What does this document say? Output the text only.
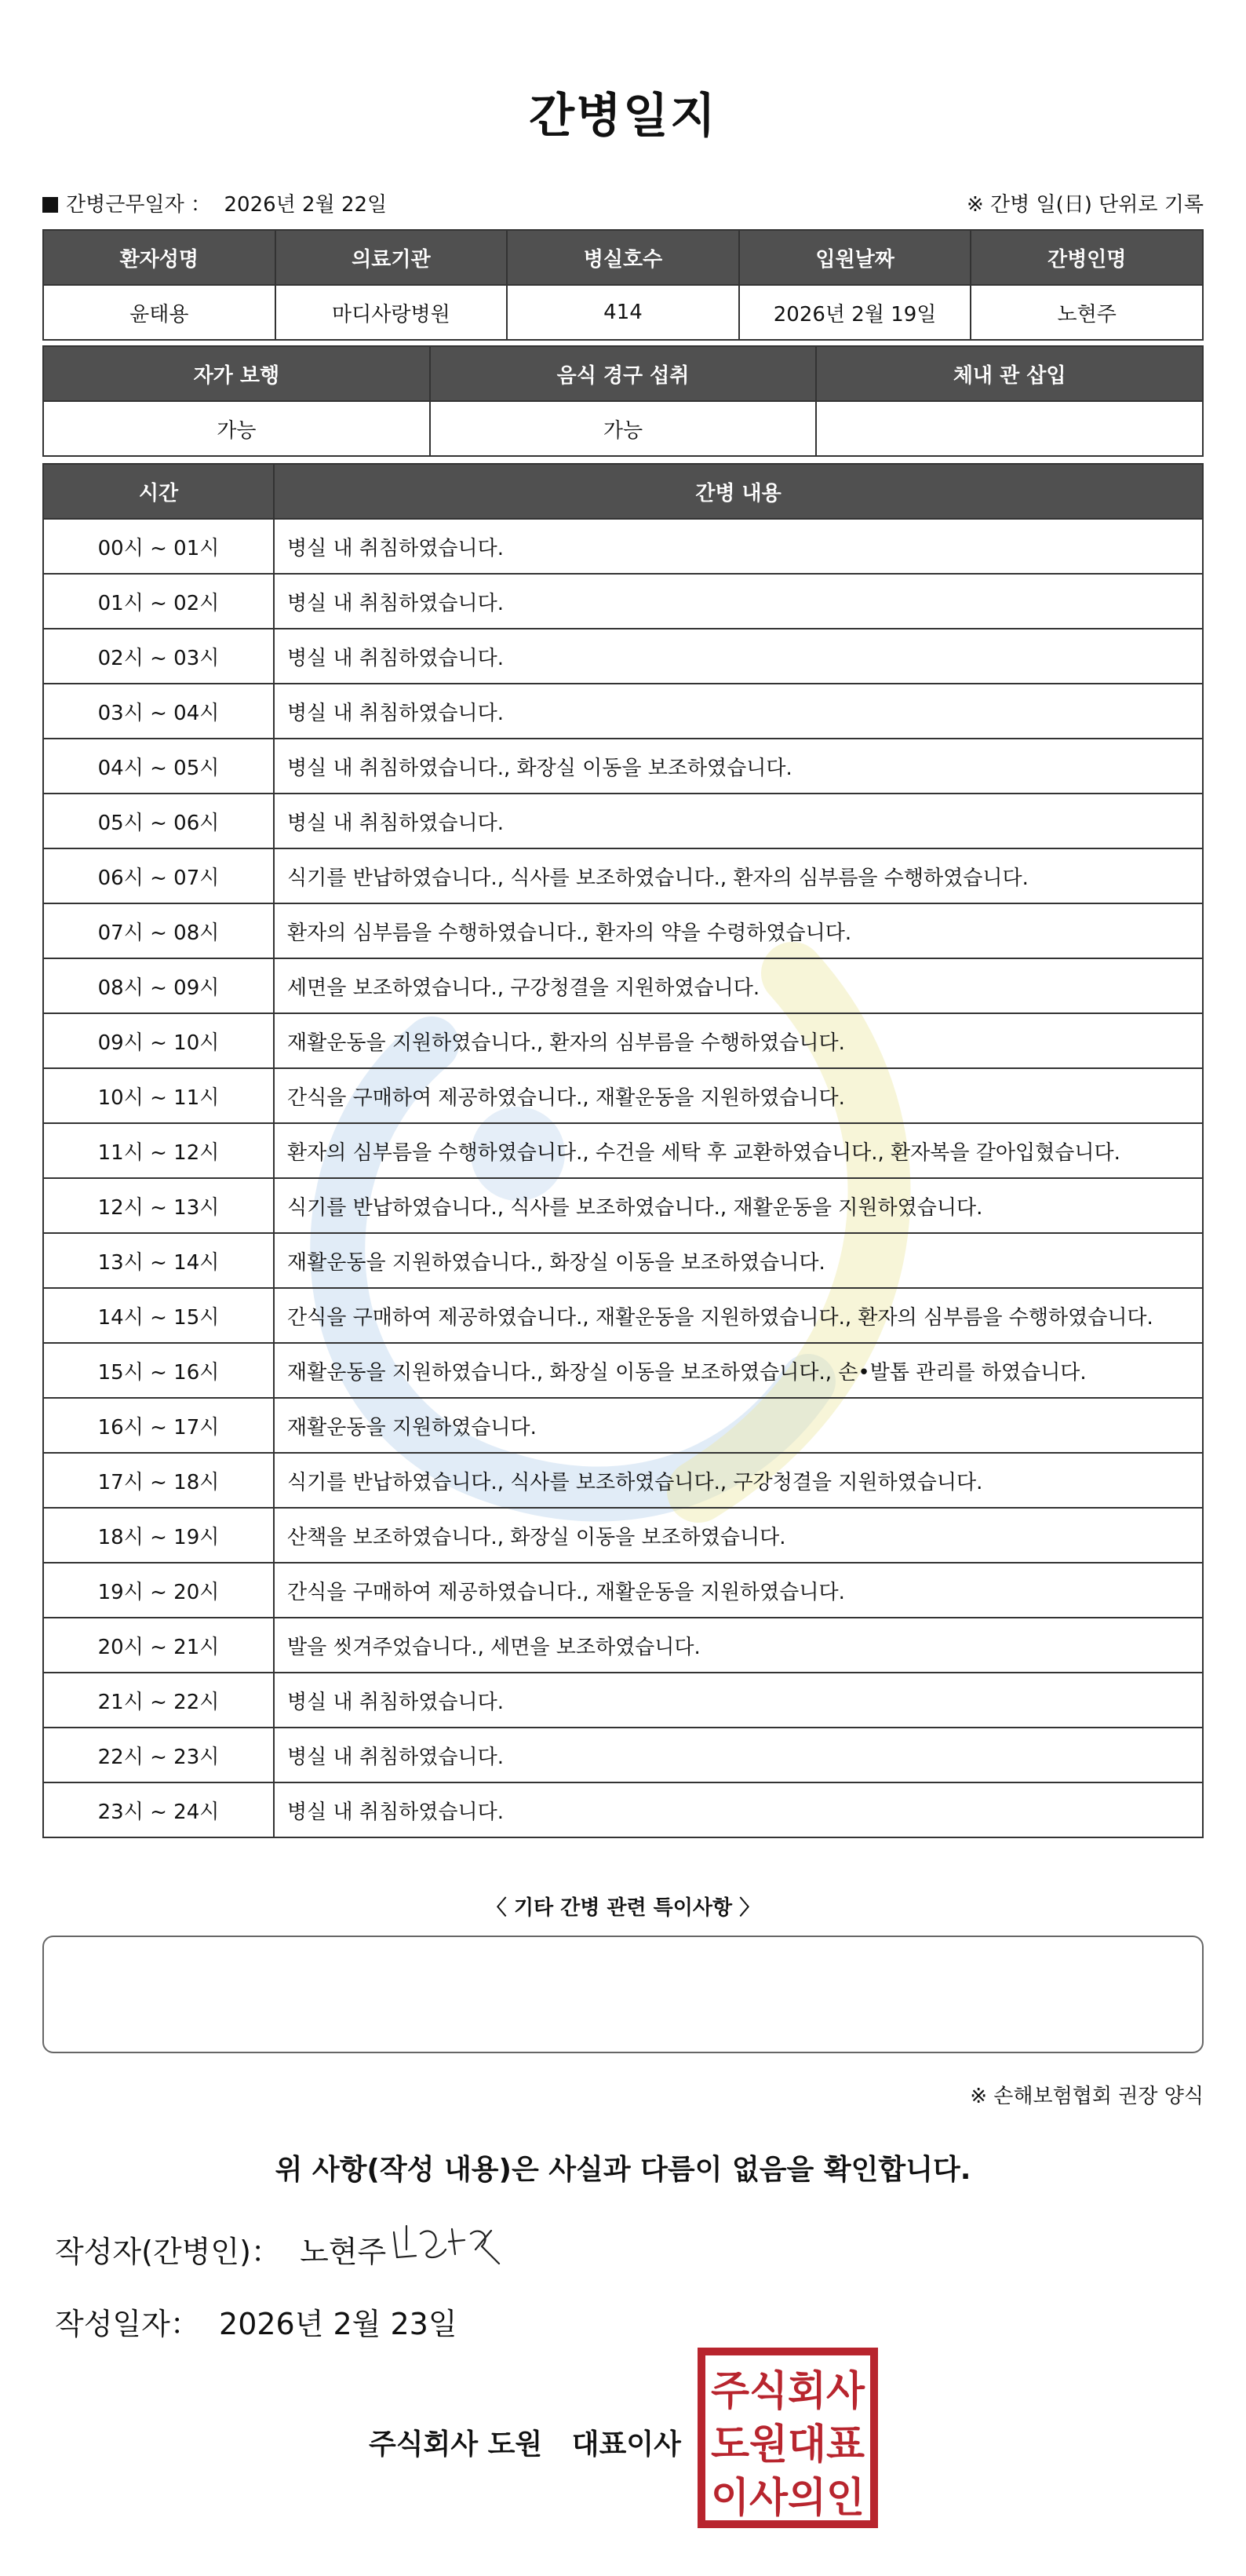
간병일지
간병근무일자 ： 2026년 2월 22일	※ 간병 일(日) 단위로 기록
환자성명	의료기관	병실호수	입원날짜	간병인명
윤태용	마디사랑병원	414	2026년 2월 19일	노현주
자가 보행	음식 경구 섭취	체내 관 삽입
가능	가능	
시간	간병 내용
00시 ~ 01시	병실 내 취침하였습니다.
01시 ~ 02시	병실 내 취침하였습니다.
02시 ~ 03시	병실 내 취침하였습니다.
03시 ~ 04시	병실 내 취침하였습니다.
04시 ~ 05시	병실 내 취침하였습니다., 화장실 이동을 보조하였습니다.
05시 ~ 06시	병실 내 취침하였습니다.
06시 ~ 07시	식기를 반납하였습니다., 식사를 보조하였습니다., 환자의 심부름을 수행하였습니다.
07시 ~ 08시	환자의 심부름을 수행하였습니다., 환자의 약을 수령하였습니다.
08시 ~ 09시	세면을 보조하였습니다., 구강청결을 지원하였습니다.
09시 ~ 10시	재활운동을 지원하였습니다., 환자의 심부름을 수행하였습니다.
10시 ~ 11시	간식을 구매하여 제공하였습니다., 재활운동을 지원하였습니다.
11시 ~ 12시	환자의 심부름을 수행하였습니다., 수건을 세탁 후 교환하였습니다., 환자복을 갈아입혔습니다.
12시 ~ 13시	식기를 반납하였습니다., 식사를 보조하였습니다., 재활운동을 지원하였습니다.
13시 ~ 14시	재활운동을 지원하였습니다., 화장실 이동을 보조하였습니다.
14시 ~ 15시	간식을 구매하여 제공하였습니다., 재활운동을 지원하였습니다., 환자의 심부름을 수행하였습니다.
15시 ~ 16시	재활운동을 지원하였습니다., 화장실 이동을 보조하였습니다., 손•발톱 관리를 하였습니다.
16시 ~ 17시	재활운동을 지원하였습니다.
17시 ~ 18시	식기를 반납하였습니다., 식사를 보조하였습니다., 구강청결을 지원하였습니다.
18시 ~ 19시	산책을 보조하였습니다., 화장실 이동을 보조하였습니다.
19시 ~ 20시	간식을 구매하여 제공하였습니다., 재활운동을 지원하였습니다.
20시 ~ 21시	발을 씻겨주었습니다., 세면을 보조하였습니다.
21시 ~ 22시	병실 내 취침하였습니다.
22시 ~ 23시	병실 내 취침하였습니다.
23시 ~ 24시	병실 내 취침하였습니다.
〈 기타 간병 관련 특이사항 〉
※ 손해보험협회 권장 양식
위 사항(작성 내용)은 사실과 다름이 없음을 확인합니다.
작성자(간병인)： 노현주
작성일자： 2026년 2월 23일
주식회사 도원   대표이사
주식회사
도원대표
이사의인
